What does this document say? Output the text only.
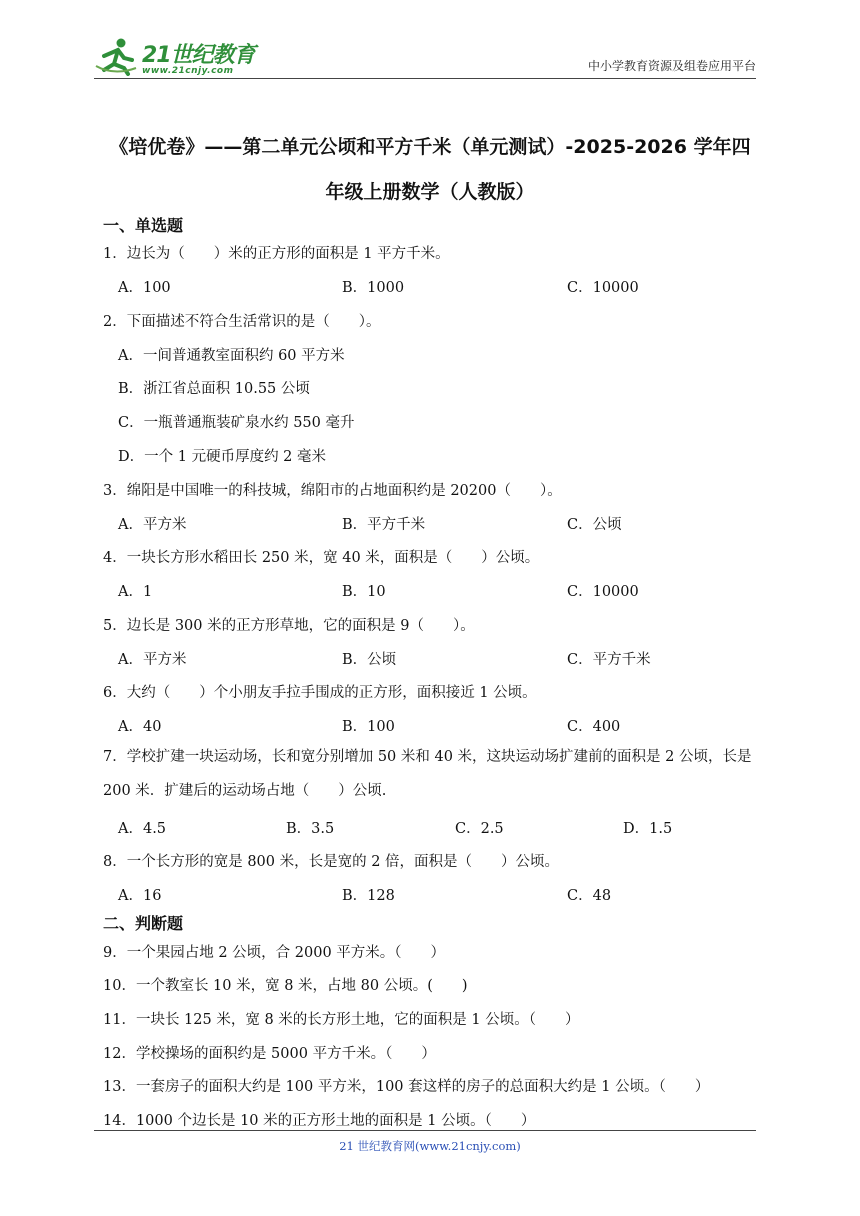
21世纪教育
www.21cnjy.com	中小学教育资源及组卷应用平台
《培优卷》——第二单元公顷和平方千米（单元测试）-2025-2026 学年四
年级上册数学（人教版）
一、单选题
1．边长为（　　）米的正方形的面积是 1 平方千米。
A．100	B．1000	C．10000
2．下面描述不符合生活常识的是（　　）。
A．一间普通教室面积约 60 平方米
B．浙江省总面积 10.55 公顷
C．一瓶普通瓶装矿泉水约 550 毫升
D．一个 1 元硬币厚度约 2 毫米
3．绵阳是中国唯一的科技城，绵阳市的占地面积约是 20200（　　）。
A．平方米	B．平方千米	C．公顷
4．一块长方形水稻田长 250 米，宽 40 米，面积是（　　）公顷。
A．1	B．10	C．10000
5．边长是 300 米的正方形草地，它的面积是 9（　　）。
A．平方米	B．公顷	C．平方千米
6．大约（　　）个小朋友手拉手围成的正方形，面积接近 1 公顷。
A．40	B．100	C．400
7．学校扩建一块运动场，长和宽分别增加 50 米和 40 米，这块运动场扩建前的面积是 2 公顷，长是 200 米．扩建后的运动场占地（　　）公顷.
A．4.5	B．3.5	C．2.5	D．1.5
8．一个长方形的宽是 800 米，长是宽的 2 倍，面积是（　　）公顷。
A．16	B．128	C．48
二、判断题
9．一个果园占地 2 公顷，合 2000 平方米。（　　）
10．一个教室长 10 米，宽 8 米，占地 80 公顷。(　　)
11．一块长 125 米，宽 8 米的长方形土地，它的面积是 1 公顷。（　　）
12．学校操场的面积约是 5000 平方千米。（　　）
13．一套房子的面积大约是 100 平方米，100 套这样的房子的总面积大约是 1 公顷。（　　）
14．1000 个边长是 10 米的正方形土地的面积是 1 公顷。（　　）
21 世纪教育网(www.21cnjy.com)
